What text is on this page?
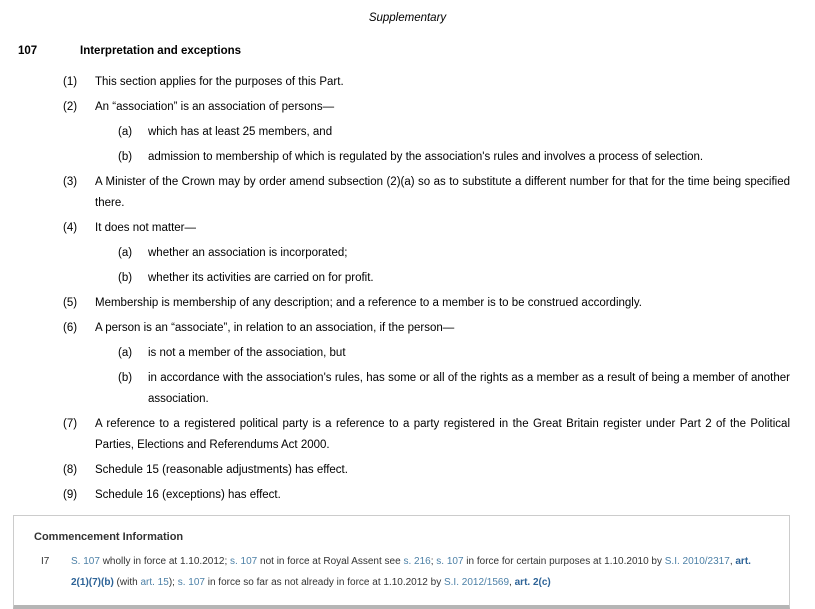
Supplementary
107	Interpretation and exceptions
(1)	This section applies for the purposes of this Part.
(2)	An “association” is an association of persons—
(a)	which has at least 25 members, and
(b)	admission to membership of which is regulated by the association's rules and involves a process of selection.
(3)	A Minister of the Crown may by order amend subsection (2)(a) so as to substitute a different number for that for the time being specified there.
(4)	It does not matter—
(a)	whether an association is incorporated;
(b)	whether its activities are carried on for profit.
(5)	Membership is membership of any description; and a reference to a member is to be construed accordingly.
(6)	A person is an “associate”, in relation to an association, if the person—
(a)	is not a member of the association, but
(b)	in accordance with the association's rules, has some or all of the rights as a member as a result of being a member of another association.
(7)	A reference to a registered political party is a reference to a party registered in the Great Britain register under Part 2 of the Political Parties, Elections and Referendums Act 2000.
(8)	Schedule 15 (reasonable adjustments) has effect.
(9)	Schedule 16 (exceptions) has effect.
Commencement Information
I7	S. 107 wholly in force at 1.10.2012; s. 107 not in force at Royal Assent see s. 216; s. 107 in force for certain purposes at 1.10.2010 by S.I. 2010/2317, art. 2(1)(7)(b) (with art. 15); s. 107 in force so far as not already in force at 1.10.2012 by S.I. 2012/1569, art. 2(c)
